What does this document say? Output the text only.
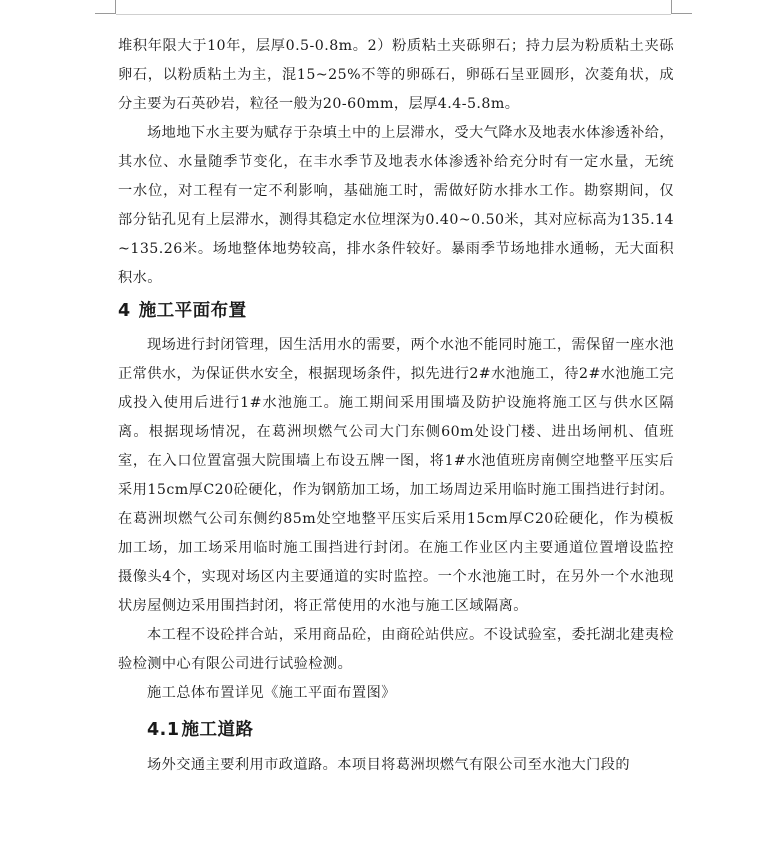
堆积年限大于10年，层厚0.5-0.8m。2）粉质粘土夹砾卵石；持力层为粉质粘土夹砾卵石，以粉质粘土为主，混15~25%不等的卵砾石，卵砾石呈亚圆形，次菱角状，成分主要为石英砂岩，粒径一般为20-60mm，层厚4.4-5.8m。

场地地下水主要为赋存于杂填土中的上层滞水，受大气降水及地表水体渗透补给，其水位、水量随季节变化，在丰水季节及地表水体渗透补给充分时有一定水量，无统一水位，对工程有一定不利影响，基础施工时，需做好防水排水工作。勘察期间，仅部分钻孔见有上层滞水，测得其稳定水位埋深为0.40~0.50米，其对应标高为135.14~135.26米。场地整体地势较高，排水条件较好。暴雨季节场地排水通畅，无大面积积水。

4 施工平面布置

现场进行封闭管理，因生活用水的需要，两个水池不能同时施工，需保留一座水池正常供水，为保证供水安全，根据现场条件，拟先进行2#水池施工，待2#水池施工完成投入使用后进行1#水池施工。施工期间采用围墙及防护设施将施工区与供水区隔离。根据现场情况，在葛洲坝燃气公司大门东侧60m处设门楼、进出场闸机、值班室，在入口位置富强大院围墙上布设五牌一图，将1#水池值班房南侧空地整平压实后采用15cm厚C20砼硬化，作为钢筋加工场，加工场周边采用临时施工围挡进行封闭。在葛洲坝燃气公司东侧约85m处空地整平压实后采用15cm厚C20砼硬化，作为模板加工场，加工场采用临时施工围挡进行封闭。在施工作业区内主要通道位置增设监控摄像头4个，实现对场区内主要通道的实时监控。一个水池施工时，在另外一个水池现状房屋侧边采用围挡封闭，将正常使用的水池与施工区域隔离。

本工程不设砼拌合站，采用商品砼，由商砼站供应。不设试验室，委托湖北建夷检验检测中心有限公司进行试验检测。

施工总体布置详见《施工平面布置图》

4.1 施工道路

场外交通主要利用市政道路。本项目将葛洲坝燃气有限公司至水池大门段的
